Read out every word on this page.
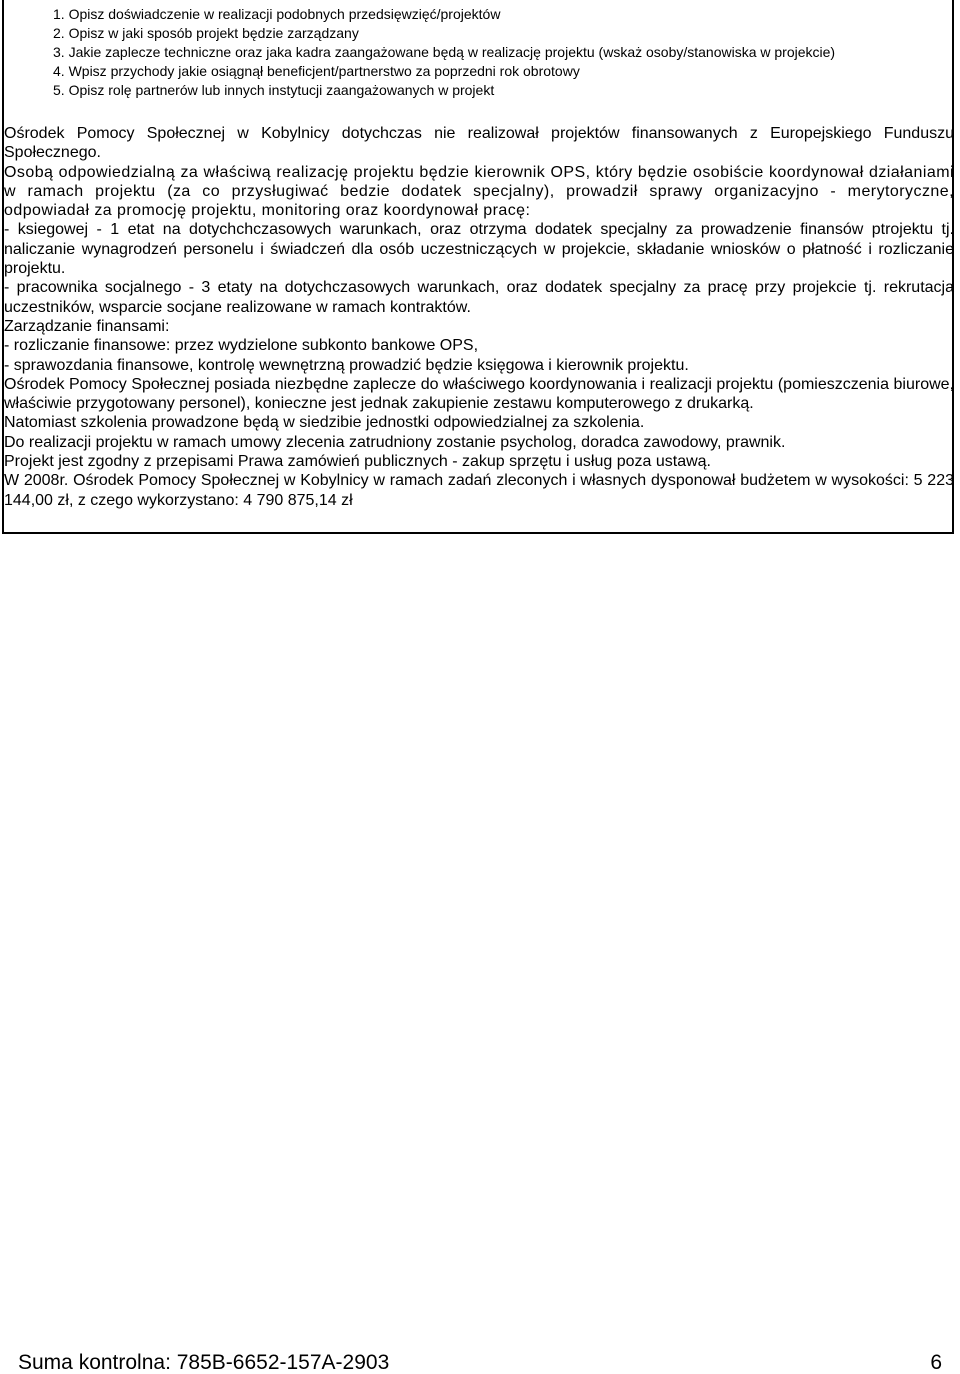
1. Opisz doświadczenie w realizacji podobnych przedsięwzięć/projektów
2. Opisz w jaki sposób projekt będzie zarządzany
3. Jakie zaplecze techniczne oraz jaka kadra zaangażowane będą w realizację projektu (wskaż osoby/stanowiska w projekcie)
4. Wpisz przychody jakie osiągnął beneficjent/partnerstwo za poprzedni rok obrotowy
5. Opisz rolę partnerów lub innych instytucji zaangażowanych w projekt

Ośrodek Pomocy Społecznej w Kobylnicy dotychczas nie realizował projektów finansowanych z Europejskiego Funduszu Społecznego.

Osobą odpowiedzialną za właściwą realizację projektu będzie kierownik OPS, który będzie osobiście koordynował działaniami w ramach projektu (za co przysługiwać bedzie dodatek specjalny), prowadził sprawy organizacyjno - merytoryczne, odpowiadał za promocję projektu, monitoring oraz koordynował pracę:

- ksiegowej - 1 etat na dotychchczasowych warunkach, oraz otrzyma dodatek specjalny za prowadzenie finansów ptrojektu tj. naliczanie wynagrodzeń personelu i świadczeń dla osób uczestniczących w projekcie, składanie wniosków o płatność i rozliczanie projektu.

- pracownika socjalnego - 3 etaty na dotychczasowych warunkach, oraz dodatek specjalny za pracę przy projekcie tj. rekrutacja uczestników, wsparcie socjane realizowane w ramach kontraktów.

Zarządzanie finansami:

- rozliczanie finansowe: przez wydzielone subkonto bankowe OPS,

- sprawozdania finansowe, kontrolę wewnętrzną prowadzić będzie księgowa i kierownik projektu.

Ośrodek Pomocy Społecznej posiada niezbędne zaplecze do właściwego koordynowania i realizacji projektu (pomieszczenia biurowe, właściwie przygotowany personel), konieczne jest jednak zakupienie zestawu komputerowego z drukarką.

Natomiast szkolenia prowadzone będą w siedzibie jednostki odpowiedzialnej za szkolenia.

Do realizacji projektu w ramach umowy zlecenia zatrudniony zostanie psycholog, doradca zawodowy, prawnik.

Projekt jest zgodny z przepisami Prawa zamówień publicznych - zakup sprzętu i usług poza ustawą.

W 2008r. Ośrodek Pomocy Społecznej w Kobylnicy w ramach zadań zleconych i własnych dysponował budżetem w wysokości: 5 223 144,00 zł, z czego wykorzystano: 4 790 875,14 zł

Suma kontrolna: 785B-6652-157A-2903	6
